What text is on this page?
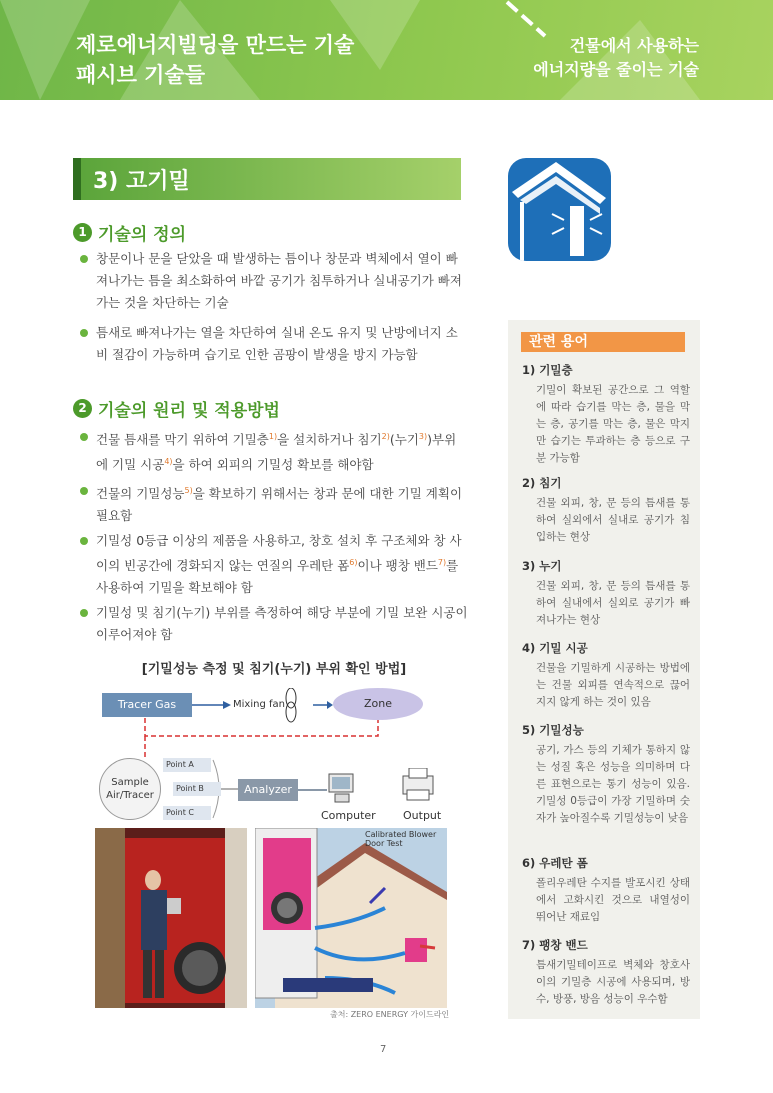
제로에너지빌딩을 만드는 기술
패시브 기술들
건물에서 사용하는
에너지량을 줄이는 기술
3) 고기밀
1 기술의 정의
창문이나 문을 닫았을 때 발생하는 틈이나 창문과 벽체에서 열이 빠져나가는 틈을 최소화하여 바깥 공기가 침투하거나 실내공기가 빠져가는 것을 차단하는 기술
틈새로 빠져나가는 열을 차단하여 실내 온도 유지 및 난방에너지 소비 절감이 가능하며 습기로 인한 곰팡이 발생을 방지 가능함
2 기술의 원리 및 적용방법
건물 틈새를 막기 위하여 기밀층$^{1)}$을 설치하거나 침기$^{2)}$(누기$^{3)}$)부위에 기밀 시공$^{4)}$을 하여 외피의 기밀성 확보를 해야함
건물의 기밀성능$^{5)}$을 확보하기 위해서는 창과 문에 대한 기밀 계획이 필요함
기밀성 0등급 이상의 제품을 사용하고, 창호 설치 후 구조체와 창 사이의 빈공간에 경화되지 않는 연질의 우레탄 폼$^{6)}$이나 팽창 밴드$^{7)}$를 사용하여 기밀을 확보해야 함
기밀성 및 침기(누기) 부위를 측정하여 해당 부분에 기밀 보완 시공이 이루어져야 함
[기밀성능 측정 및 침기(누기) 부위 확인 방법]
Tracer Gas	Mixing fan	Zone
Sample
Air/Tracer
Point A
Point B
Point C
Analyzer
Computer Output
Calibrated Blower
Door Test
출처: ZERO ENERGY 가이드라인
관련 용어
1) 기밀층
기밀이 확보된 공간으로 그 역할에 따라 습기를 막는 층, 물을 막는 층, 공기를 막는 층, 물은 막지만 습기는 투과하는 층 등으로 구분 가능함
2) 침기
건물 외피, 창, 문 등의 틈새를 통하여 실외에서 실내로 공기가 침입하는 현상
3) 누기
건물 외피, 창, 문 등의 틈새를 통하여 실내에서 실외로 공기가 빠져나가는 현상
4) 기밀 시공
건물을 기밀하게 시공하는 방법에는 건물 외피를 연속적으로 끊어지지 않게 하는 것이 있음
5) 기밀성능
공기, 가스 등의 기체가 통하지 않는 성질 혹은 성능을 의미하며 다른 표현으로는 통기 성능이 있음. 기밀성 0등급이 가장 기밀하며 숫자가 높아질수록 기밀성능이 낮음
6) 우레탄 폼
폴리우레탄 수지를 발포시킨 상태에서 고화시킨 것으로 내열성이 뛰어난 재료임
7) 팽창 밴드
틈새기밀테이프로 벽체와 창호사이의 기밀층 시공에 사용되며, 방수, 방풍, 방음 성능이 우수함
7
